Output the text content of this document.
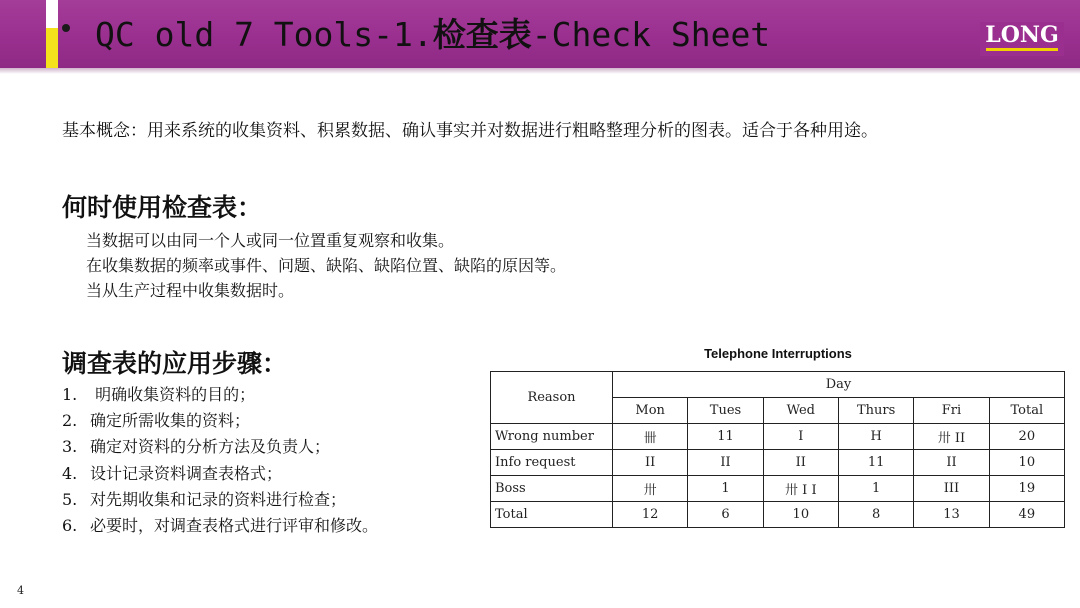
QC old 7 Tools-1.检查表-Check Sheet	LONG
基本概念：用来系统的收集资料、积累数据、确认事实并对数据进行粗略整理分析的图表。适合于各种用途。
何时使用检查表：
当数据可以由同一个人或同一位置重复观察和收集。
在收集数据的频率或事件、问题、缺陷、缺陷位置、缺陷的原因等。
当从生产过程中收集数据时。
调查表的应用步骤：
1. 明确收集资料的目的；
2. 确定所需收集的资料；
3. 确定对资料的分析方法及负责人；
4. 设计记录资料调查表格式；
5. 对先期收集和记录的资料进行检查；
6. 必要时，对调查表格式进行评审和修改。
Telephone Interruptions
Reason	Day					
	Mon	Tues	Wed	Thurs	Fri	Total
Wrong number	卌	11	I	H	卅 II	20
Info request	II	II	II	11	II	10
Boss	卅	1	卅 I I	1	III	19
Total	12	6	10	8	13	49
4
